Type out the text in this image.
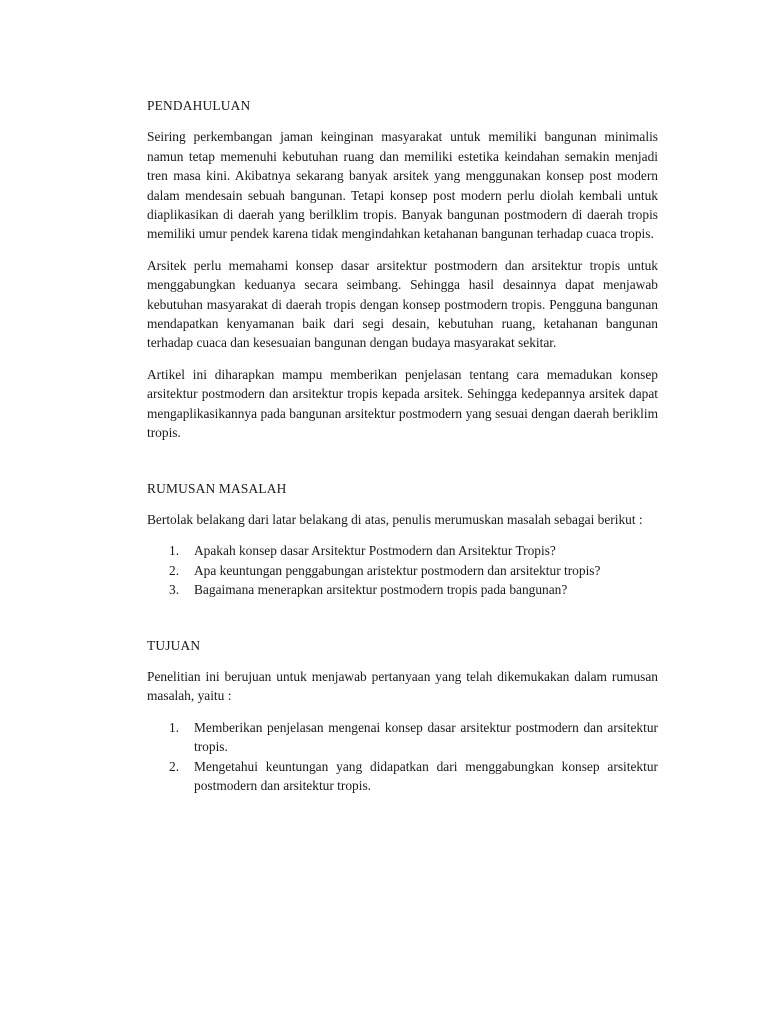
PENDAHULUAN

Seiring perkembangan jaman keinginan masyarakat untuk memiliki bangunan minimalis namun tetap memenuhi kebutuhan ruang dan memiliki estetika keindahan semakin menjadi tren masa kini. Akibatnya sekarang banyak arsitek yang menggunakan konsep post modern dalam mendesain sebuah bangunan. Tetapi konsep post modern perlu diolah kembali untuk diaplikasikan di daerah yang berilklim tropis. Banyak bangunan postmodern di daerah tropis memiliki umur pendek karena tidak mengindahkan ketahanan bangunan terhadap cuaca tropis.

Arsitek perlu memahami konsep dasar arsitektur postmodern dan arsitektur tropis untuk menggabungkan keduanya secara seimbang. Sehingga hasil desainnya dapat menjawab kebutuhan masyarakat di daerah tropis dengan konsep postmodern tropis. Pengguna bangunan mendapatkan kenyamanan baik dari segi desain, kebutuhan ruang, ketahanan bangunan terhadap cuaca dan kesesuaian bangunan dengan budaya masyarakat sekitar.

Artikel ini diharapkan mampu memberikan penjelasan tentang cara memadukan konsep arsitektur postmodern dan arsitektur tropis kepada arsitek. Sehingga kedepannya arsitek dapat mengaplikasikannya pada bangunan arsitektur postmodern yang sesuai dengan daerah beriklim tropis.

RUMUSAN MASALAH

Bertolak belakang dari latar belakang di atas, penulis merumuskan masalah sebagai berikut :

1. Apakah konsep dasar Arsitektur Postmodern dan Arsitektur Tropis?
2. Apa keuntungan penggabungan aristektur postmodern dan arsitektur tropis?
3. Bagaimana menerapkan arsitektur postmodern tropis pada bangunan?
TUJUAN

Penelitian ini berujuan untuk menjawab pertanyaan yang telah dikemukakan dalam rumusan masalah, yaitu :

1. Memberikan penjelasan mengenai konsep dasar arsitektur postmodern dan arsitektur tropis.
2. Mengetahui keuntungan yang didapatkan dari menggabungkan konsep arsitektur postmodern dan arsitektur tropis.
